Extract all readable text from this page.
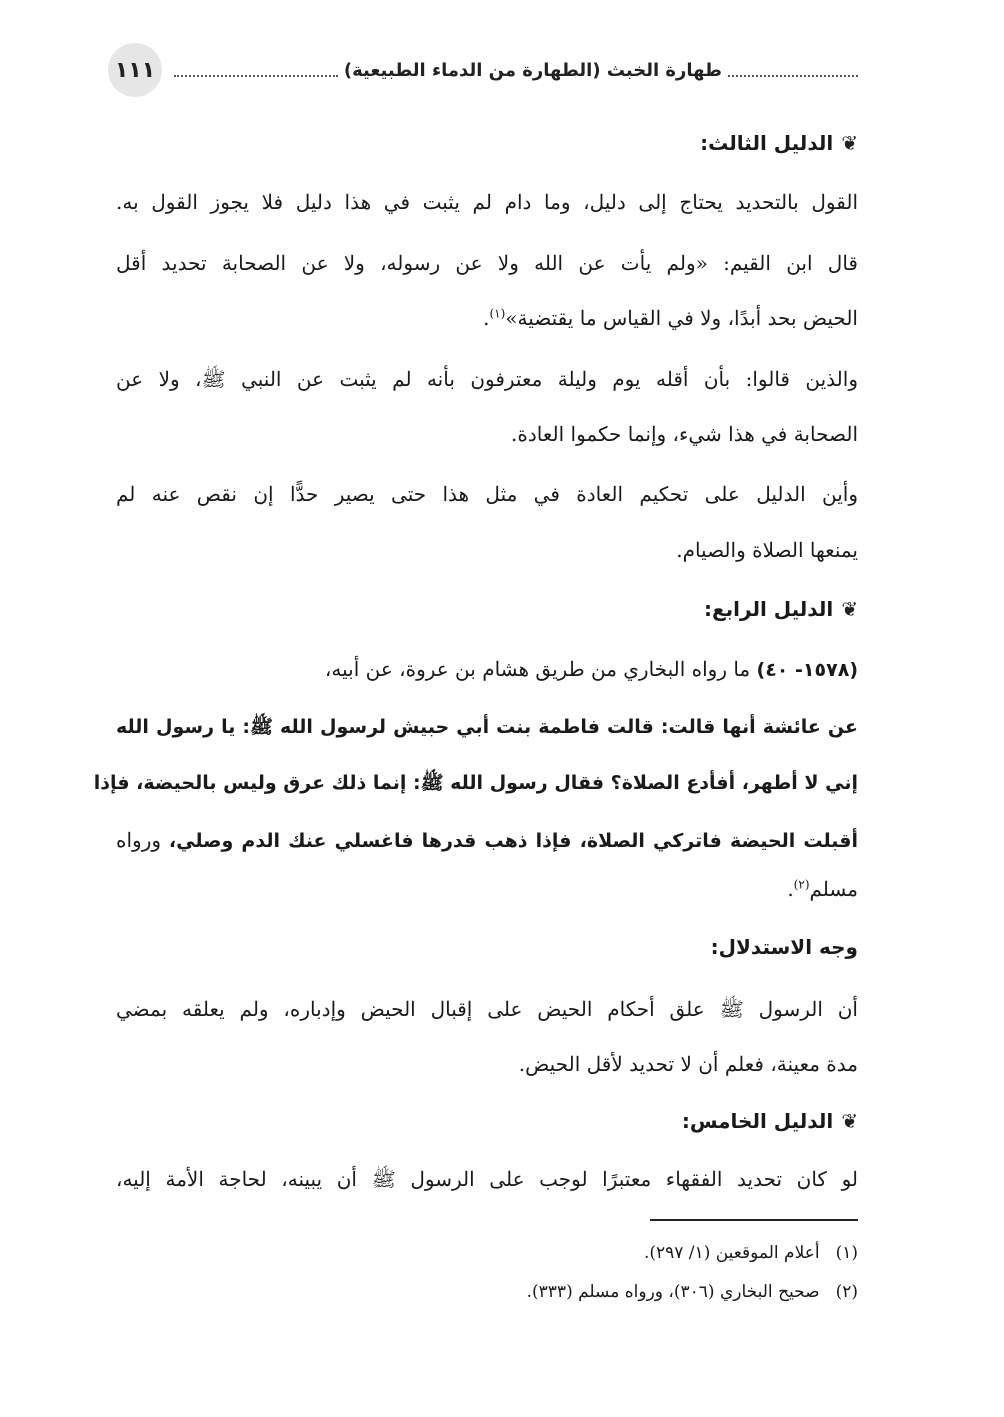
١١١	طهارة الخبث (الطهارة من الدماء الطبيعية)
❦الدليل الثالث:
القول بالتحديد يحتاج إلى دليل، وما دام لم يثبت في هذا دليل فلا يجوز القول به.
قال ابن القيم: «ولم يأت عن الله ولا عن رسوله، ولا عن الصحابة تحديد أقل
الحيض بحد أبدًا، ولا في القياس ما يقتضية»$^{(١)}$.
والذين قالوا: بأن أقله يوم وليلة معترفون بأنه لم يثبت عن النبي ﷺ، ولا عن
الصحابة في هذا شيء، وإنما حكموا العادة.
وأين الدليل على تحكيم العادة في مثل هذا حتى يصير حدًّا إن نقص عنه لم
يمنعها الصلاة والصيام.
❦الدليل الرابع:
(١٥٧٨- ٤٠) ما رواه البخاري من طريق هشام بن عروة، عن أبيه،
عن عائشة أنها قالت: قالت فاطمة بنت أبي حبيش لرسول الله ﷺ: يا رسول الله
إني لا أطهر، أفأدع الصلاة؟ فقال رسول الله ﷺ: إنما ذلك عرق وليس بالحيضة، فإذا
أقبلت الحيضة فاتركي الصلاة، فإذا ذهب قدرها فاغسلي عنك الدم وصلي، ورواه
مسلم$^{(٢)}$.
وجه الاستدلال:
أن الرسول ﷺ علق أحكام الحيض على إقبال الحيض وإدباره، ولم يعلقه بمضي
مدة معينة، فعلم أن لا تحديد لأقل الحيض.
❦الدليل الخامس:
لو كان تحديد الفقهاء معتبرًا لوجب على الرسول ﷺ أن يبينه، لحاجة الأمة إليه،
(١)أعلام الموقعين (١/ ٢٩٧).
(٢)صحيح البخاري (٣٠٦)، ورواه مسلم (٣٣٣).
